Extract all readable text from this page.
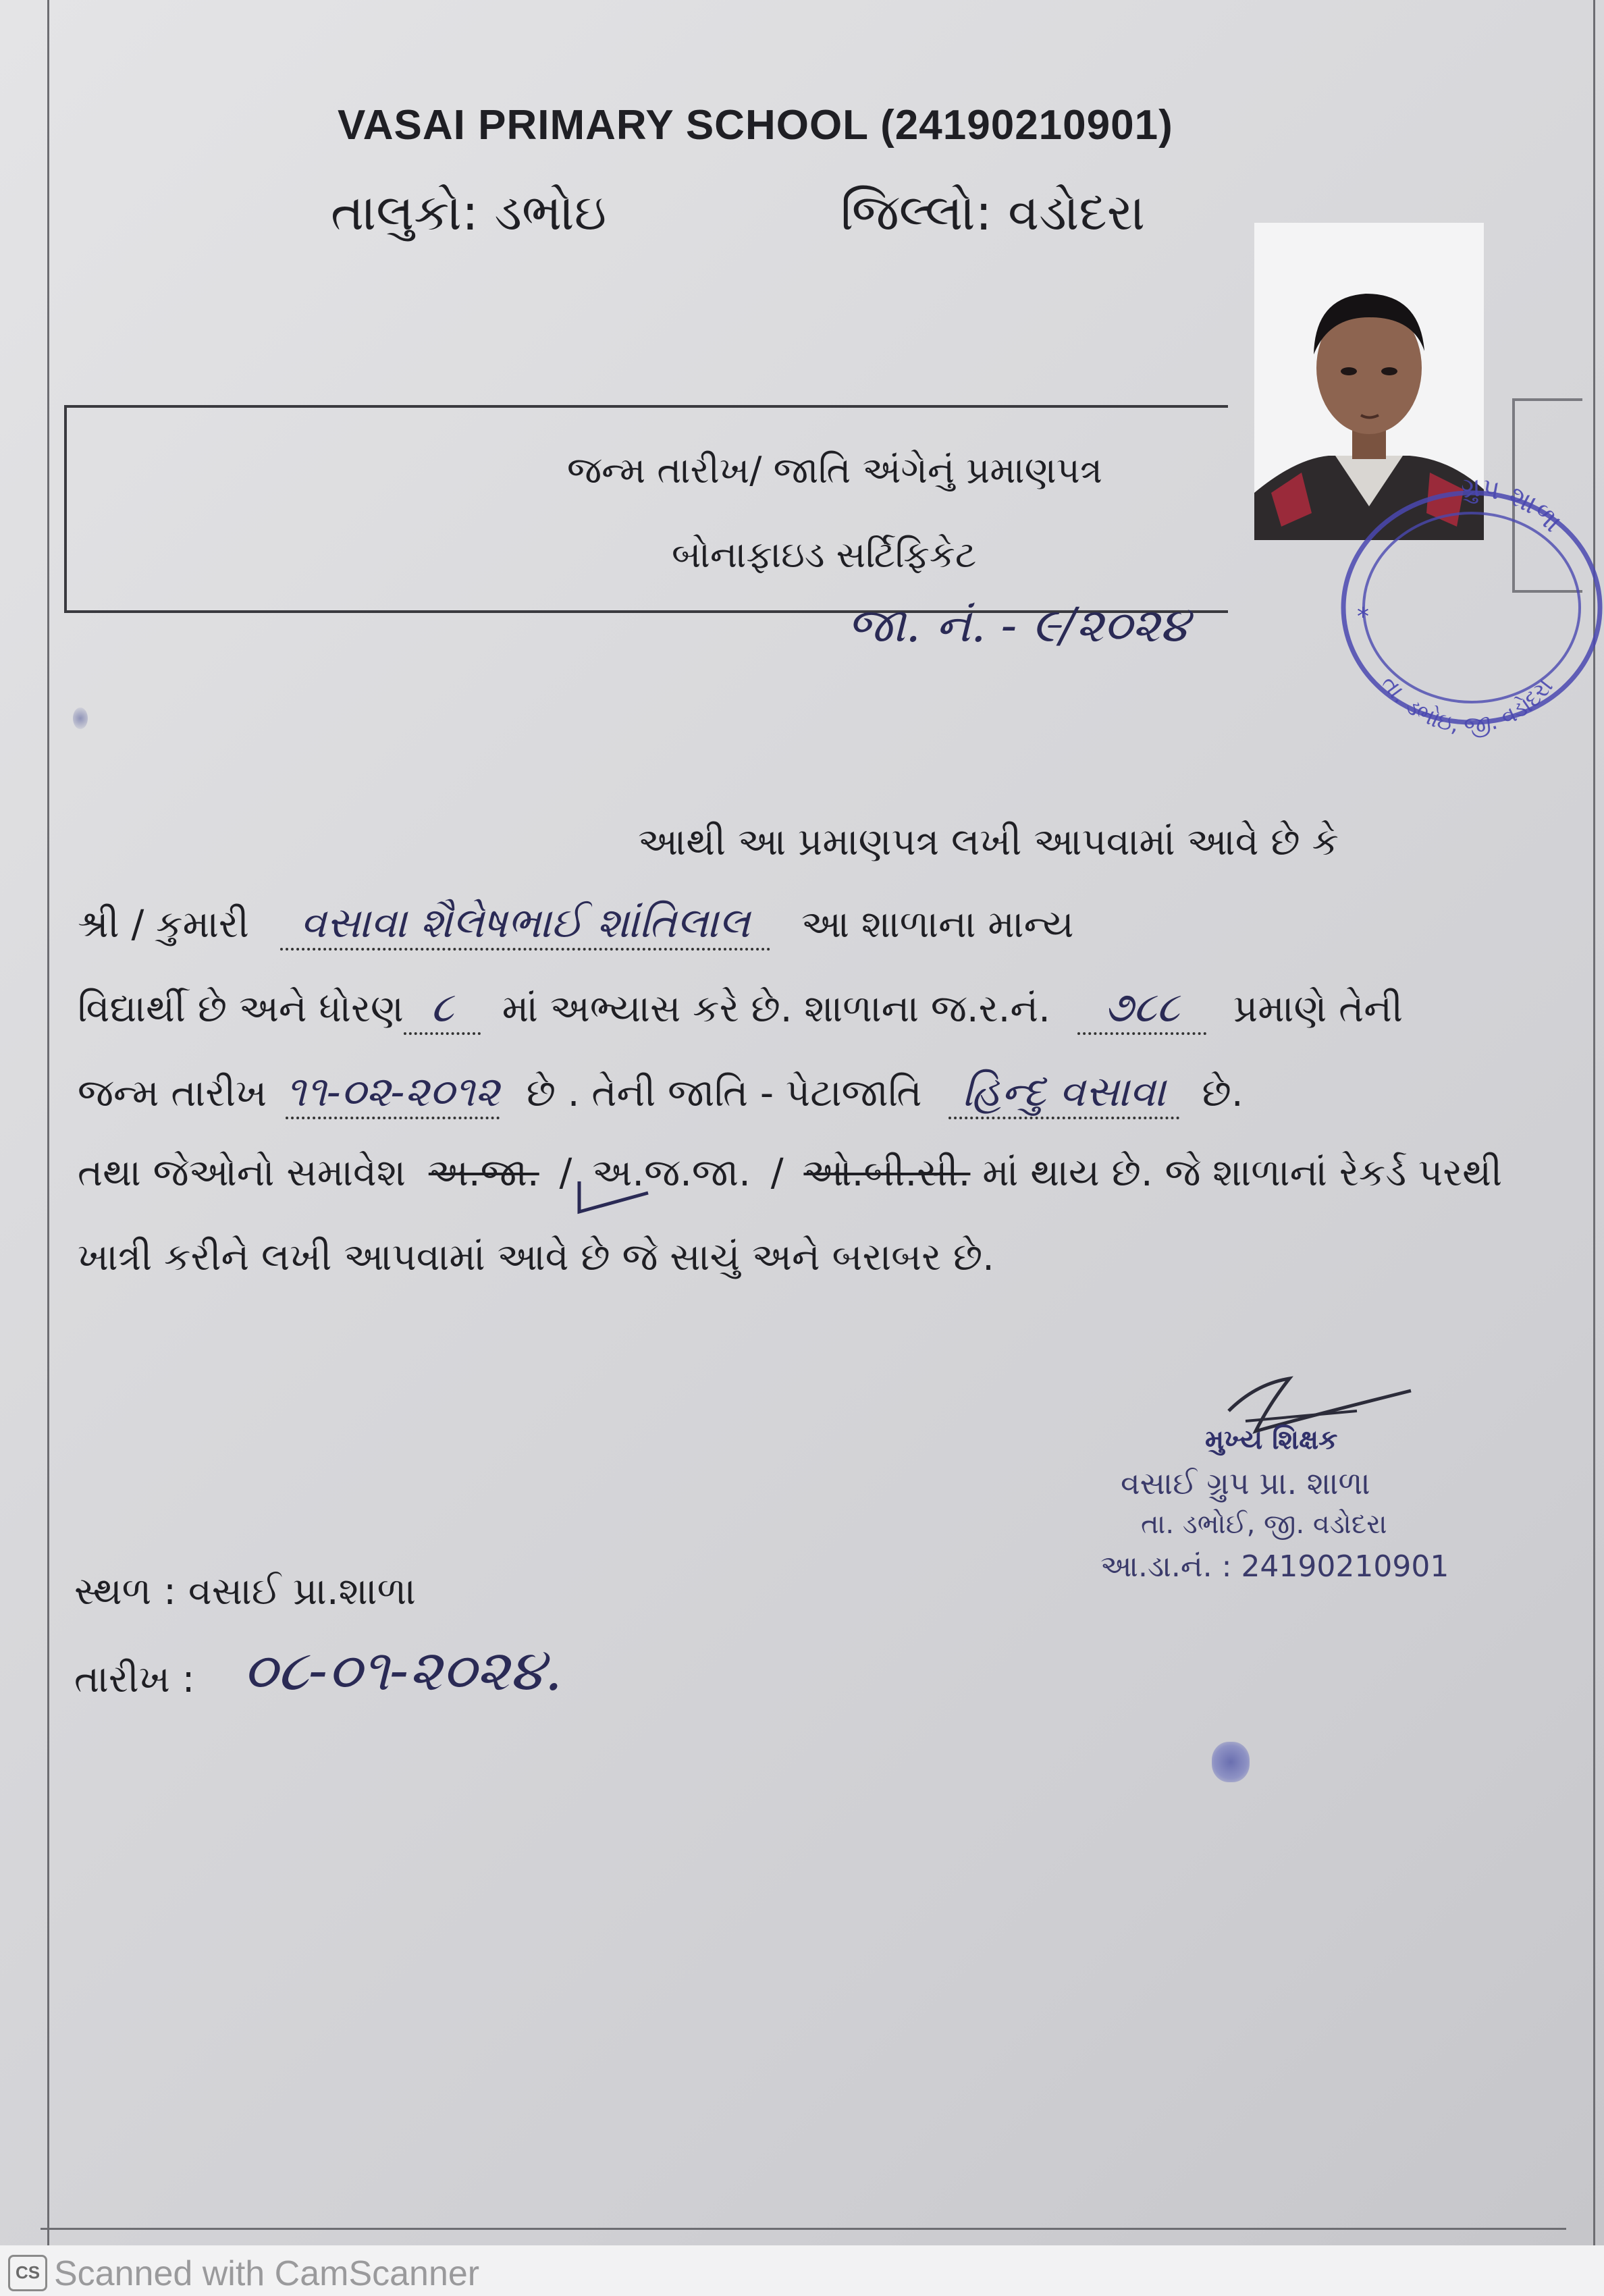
VASAI PRIMARY SCHOOL (24190210901)
તાલુકો: ડભોઇ	જિલ્લો: વડોદરા
જન્મ તારીખ/ જાતિ અંગેનું પ્રમાણપત્ર
બોનાફાઇડ સર્ટિફિકેટ
જા. નં. - ૯/૨૦૨૪
ગ્રુપ શાળા
તા. ડભોઇ, જી. વડોદરા
*
આથી આ પ્રમાણપત્ર લખી આપવામાં આવે છે કે
શ્રી / કુમારી વસાવા શૈલેષભાઈ શાંતિલાલ આ શાળાના માન્ય
વિદ્યાર્થી છે અને ધોરણ ૮ માં અભ્યાસ કરે છે. શાળાના જ.ર.નં. ૭૮૮ પ્રમાણે તેની
જન્મ તારીખ ૧૧-૦૨-૨૦૧૨ છે . તેની જાતિ - પેટાજાતિ હિન્દુ વસાવા છે.
તથા જેઓનો સમાવેશ અ.જા. / અ.જ.જા. / ઓ.બી.સી. માં થાય છે. જે શાળાનાં રેકર્ડ પરથી
ખાત્રી કરીને લખી આપવામાં આવે છે જે સાચું અને બરાબર છે.
મુખ્ય શિક્ષક
વસાઈ ગ્રુપ પ્રા. શાળા
તા. ડભોઈ, જી. વડોદરા
આ.ડા.નં. : 24190210901
સ્થળ : વસાઈ પ્રા.શાળા
તારીખ : ૦૮-૦૧-૨૦૨૪.
CS Scanned with CamScanner
